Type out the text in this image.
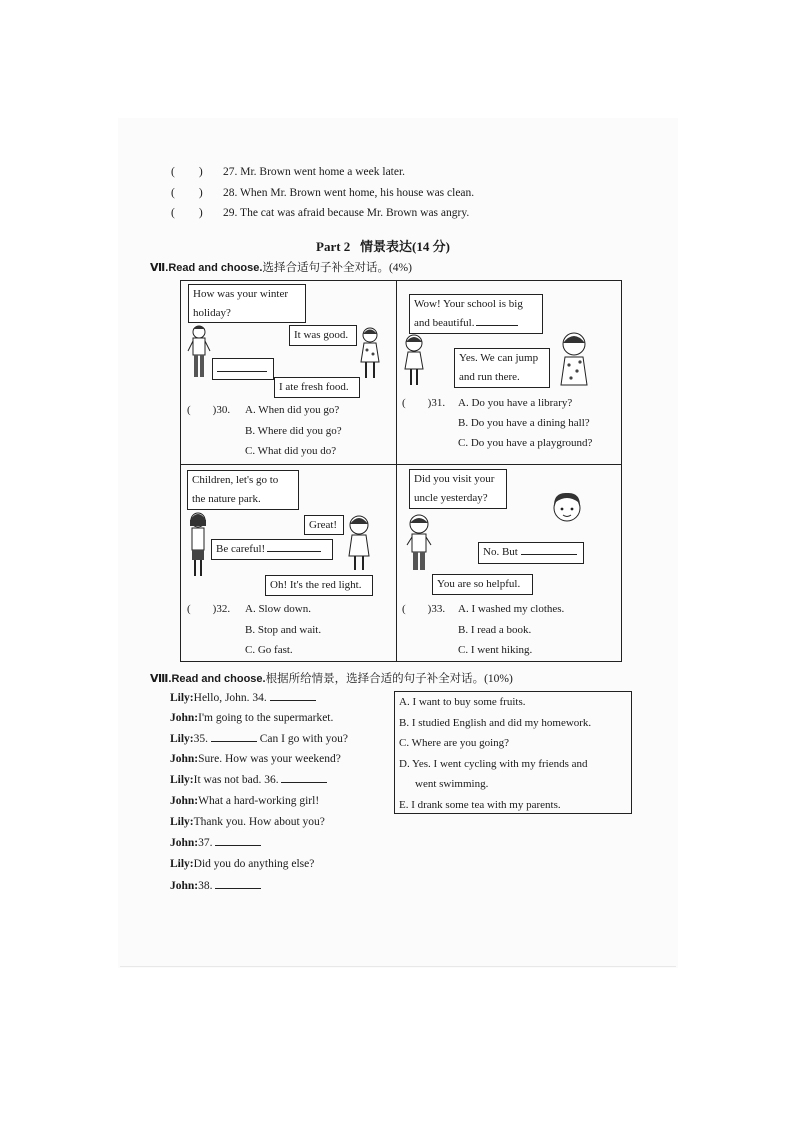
( ) 27. Mr. Brown went home a week later.
( ) 28. When Mr. Brown went home, his house was clean.
( ) 29. The cat was afraid because Mr. Brown was angry.
Part 2 情景表达(14 分)
Ⅶ.Read and choose.选择合适句子补全对话。(4%)
How was your winter
holiday?
It was good.
I ate fresh food.
( )30. A. When did you go?
B. Where did you go?
C. What did you do?
Wow! Your school is big
and beautiful.
Yes. We can jump
and run there.
( )31. A. Do you have a library?
B. Do you have a dining hall?
C. Do you have a playground?
Children, let's go to
the nature park.
Great!
Be careful!
Oh! It's the red light.
( )32. A. Slow down.
B. Stop and wait.
C. Go fast.
Did you visit your
uncle yesterday?
No. But
You are so helpful.
( )33. A. I washed my clothes.
B. I read a book.
C. I went hiking.
Ⅷ.Read and choose.根据所给情景，选择合适的句子补全对话。(10%)
Lily:Hello, John. 34.
John:I'm going to the supermarket.
Lily:35.	Can I go with you?
John:Sure. How was your weekend?
Lily:It was not bad. 36.
John:What a hard-working girl!
Lily:Thank you. How about you?
John:37.
Lily:Did you do anything else?
John:38.
A. I want to buy some fruits.
B. I studied English and did my homework.
C. Where are you going?
D. Yes. I went cycling with my friends and
went swimming.
E. I drank some tea with my parents.
